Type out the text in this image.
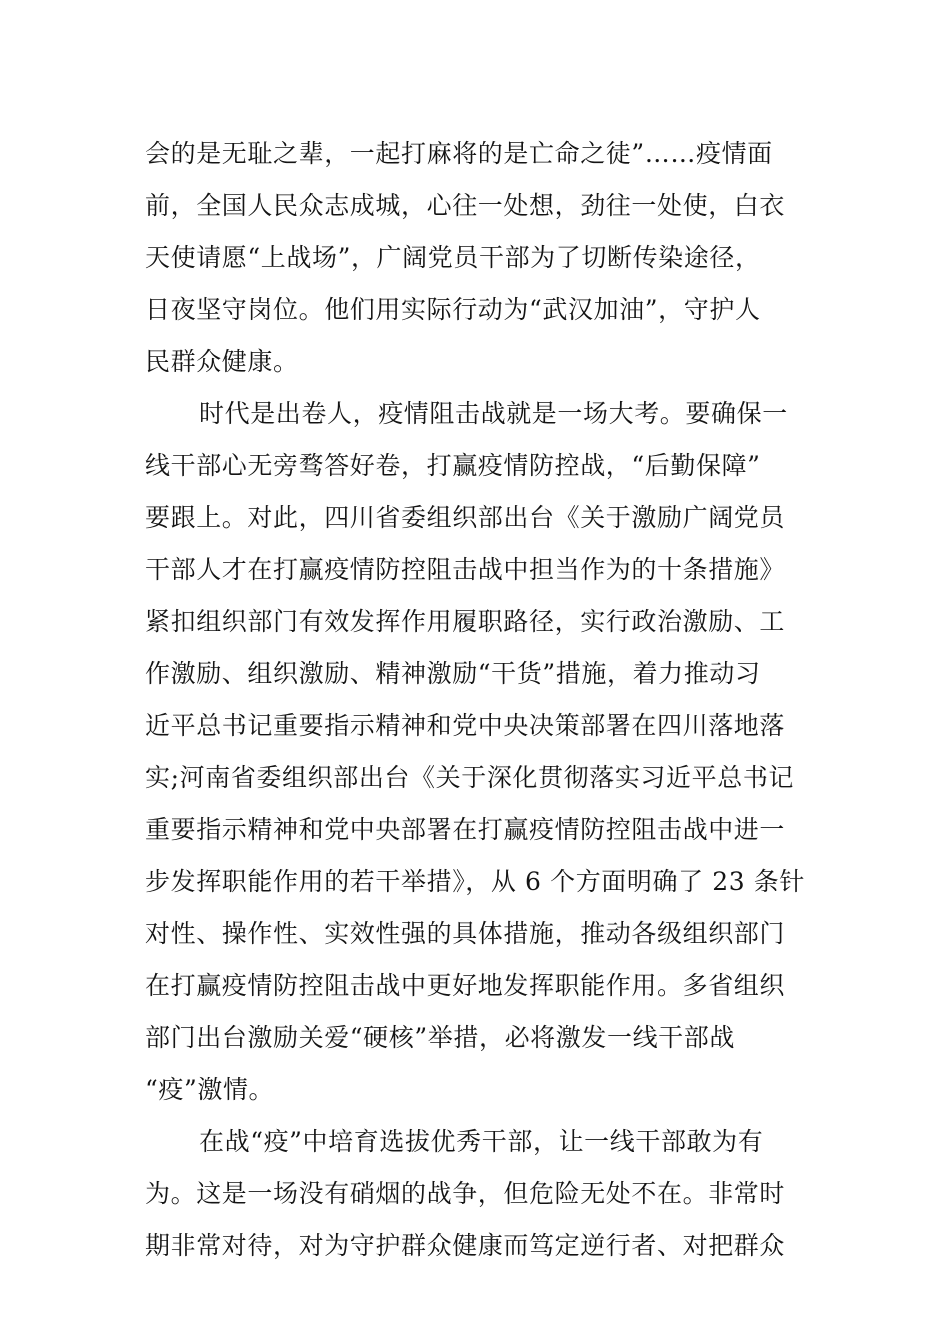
会的是无耻之辈，一起打麻将的是亡命之徒”……疫情面
前，全国人民众志成城，心往一处想，劲往一处使，白衣
天使请愿“上战场”，广阔党员干部为了切断传染途径，
日夜坚守岗位。他们用实际行动为“武汉加油”，守护人
民群众健康。
时代是出卷人，疫情阻击战就是一场大考。要确保一
线干部心无旁骛答好卷，打赢疫情防控战，“后勤保障”
要跟上。对此，四川省委组织部出台《关于激励广阔党员
干部人才在打赢疫情防控阻击战中担当作为的十条措施》
紧扣组织部门有效发挥作用履职路径，实行政治激励、工
作激励、组织激励、精神激励“干货”措施，着力推动习
近平总书记重要指示精神和党中央决策部署在四川落地落
实;河南省委组织部出台《关于深化贯彻落实习近平总书记
重要指示精神和党中央部署在打赢疫情防控阻击战中进一
步发挥职能作用的若干举措》，从 6 个方面明确了 23 条针
对性、操作性、实效性强的具体措施，推动各级组织部门
在打赢疫情防控阻击战中更好地发挥职能作用。多省组织
部门出台激励关爱“硬核”举措，必将激发一线干部战
“疫”激情。
在战“疫”中培育选拔优秀干部，让一线干部敢为有
为。这是一场没有硝烟的战争，但危险无处不在。非常时
期非常对待，对为守护群众健康而笃定逆行者、对把群众
